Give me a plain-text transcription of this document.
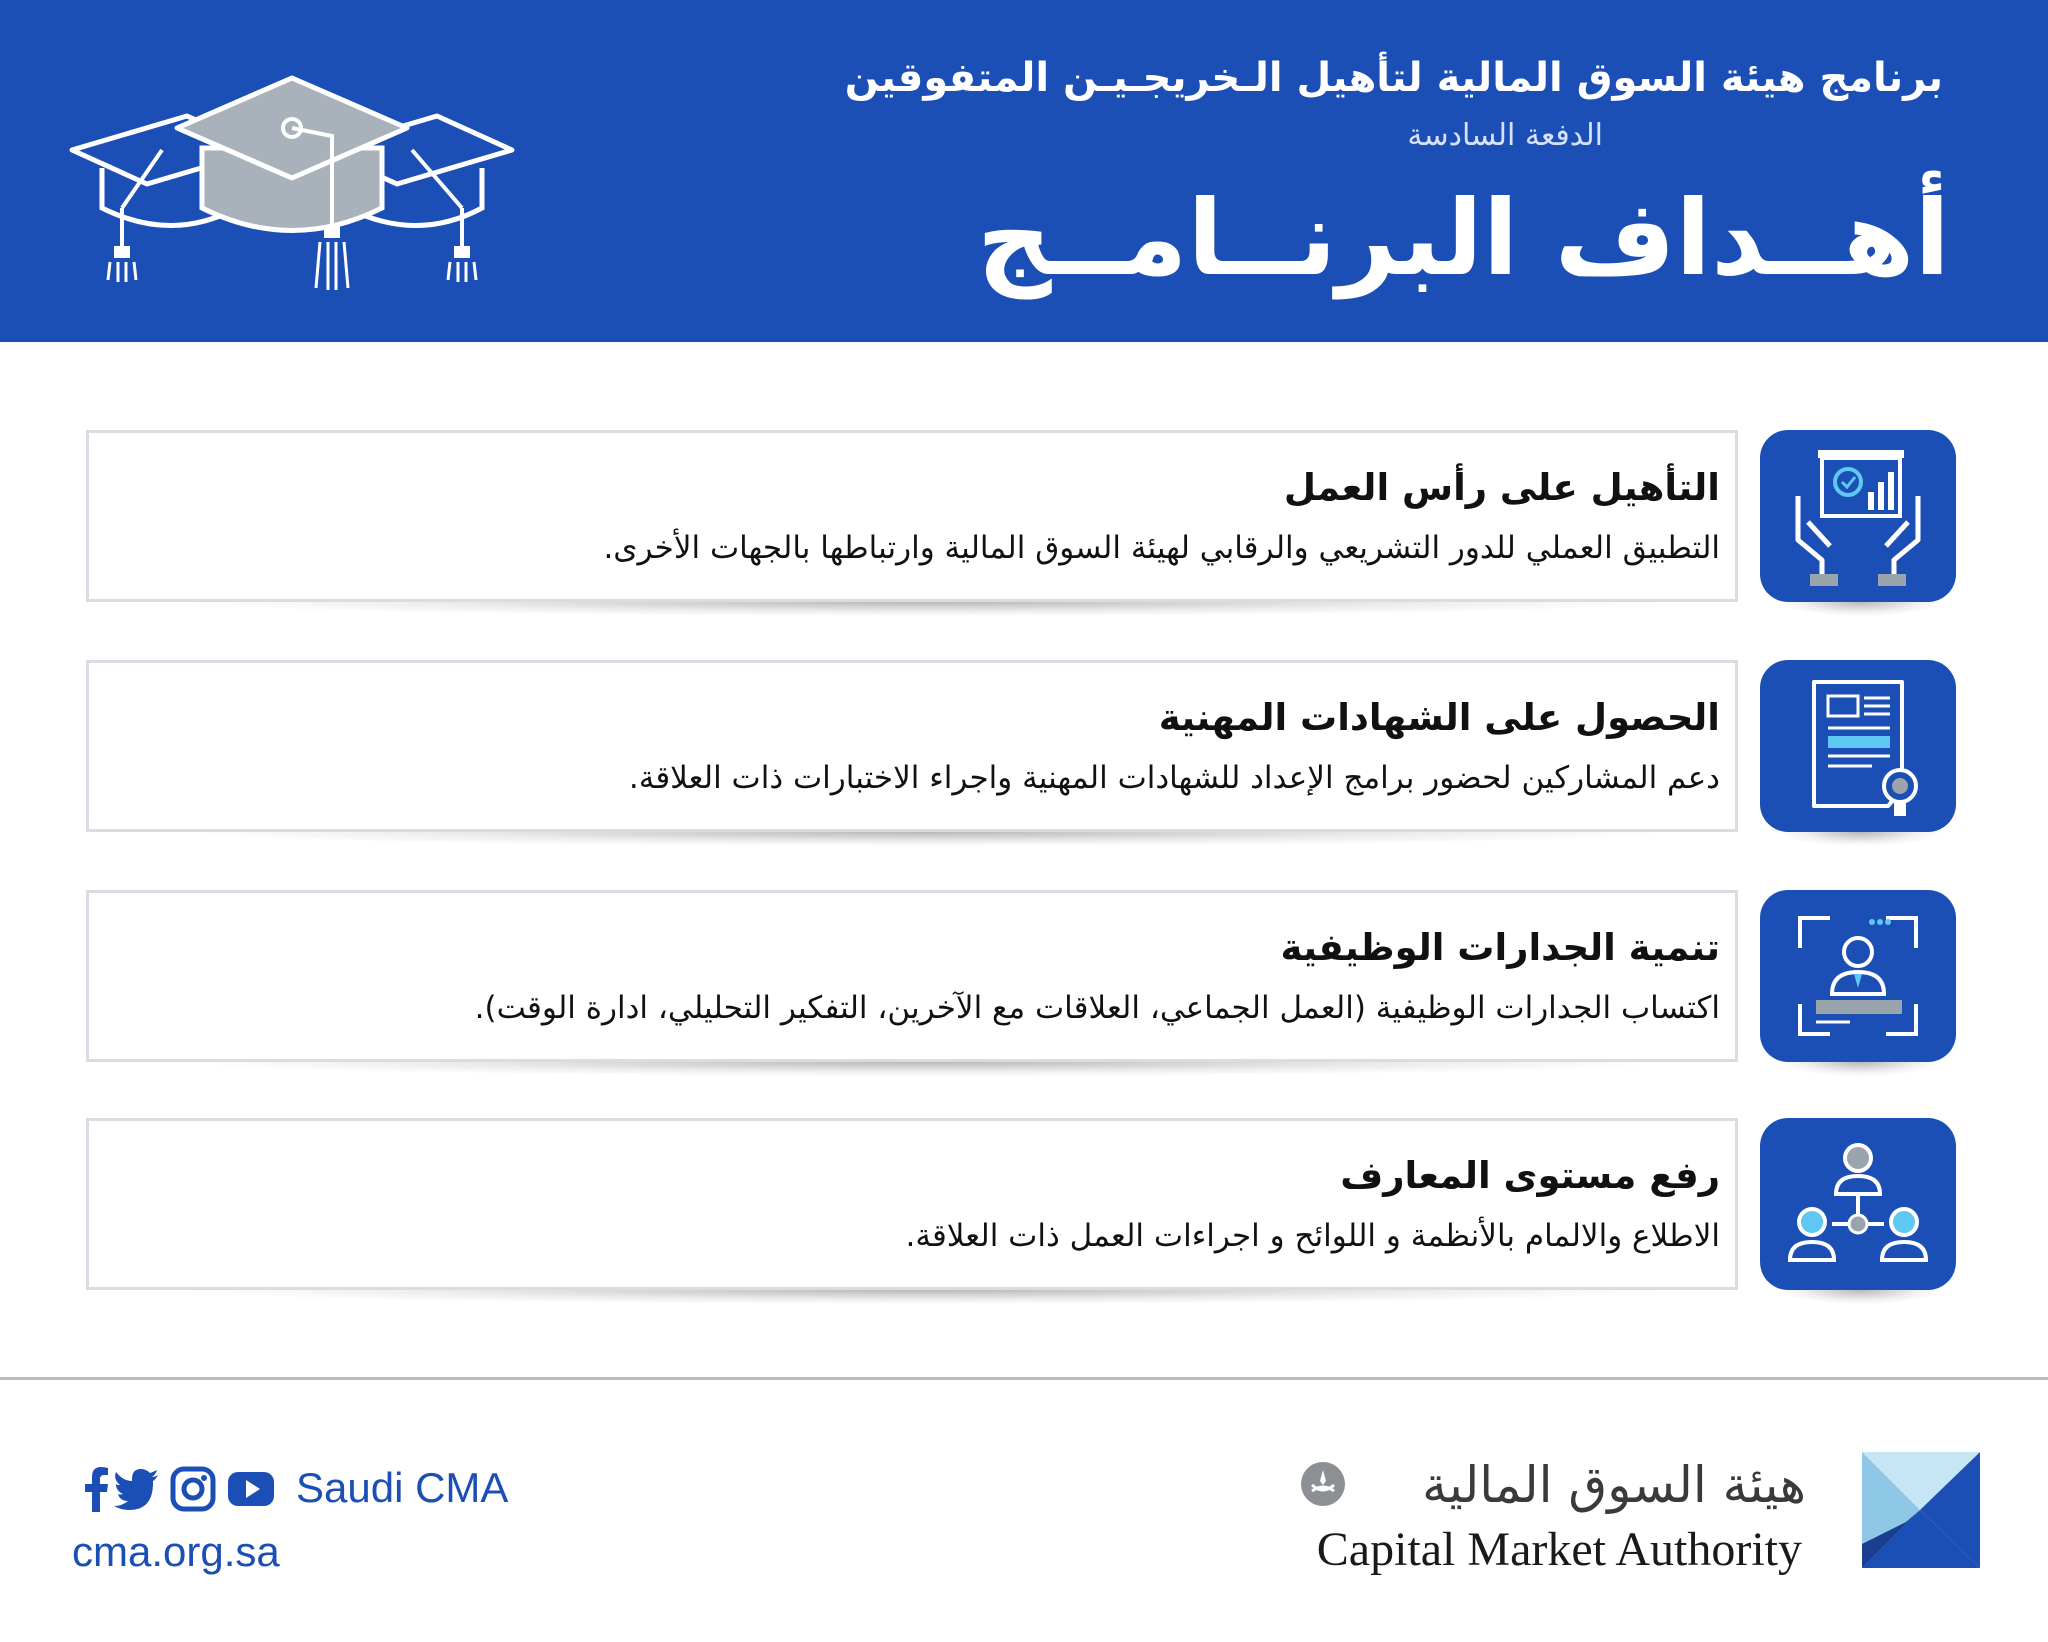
برنامج هيئة السوق المالية لتأهيل الـخريجـيـن المتفوقين
الدفعة السادسة
أهــداف البرنــامــج
التأهيل على رأس العمل
التطبيق العملي للدور التشريعي والرقابي لهيئة السوق المالية وارتباطها بالجهات الأخرى.
الحصول على الشهادات المهنية
دعم المشاركين لحضور برامج الإعداد للشهادات المهنية واجراء الاختبارات ذات العلاقة.
تنمية الجدارات الوظيفية
اكتساب الجدارات الوظيفية (العمل الجماعي، العلاقات مع الآخرين، التفكير التحليلي، ادارة الوقت).
رفع مستوى المعارف
الاطلاع والالمام بالأنظمة و اللوائح و اجراءات العمل ذات العلاقة.
Saudi CMA
cma.org.sa
هيئة السوق المالية
Capital Market Authority
